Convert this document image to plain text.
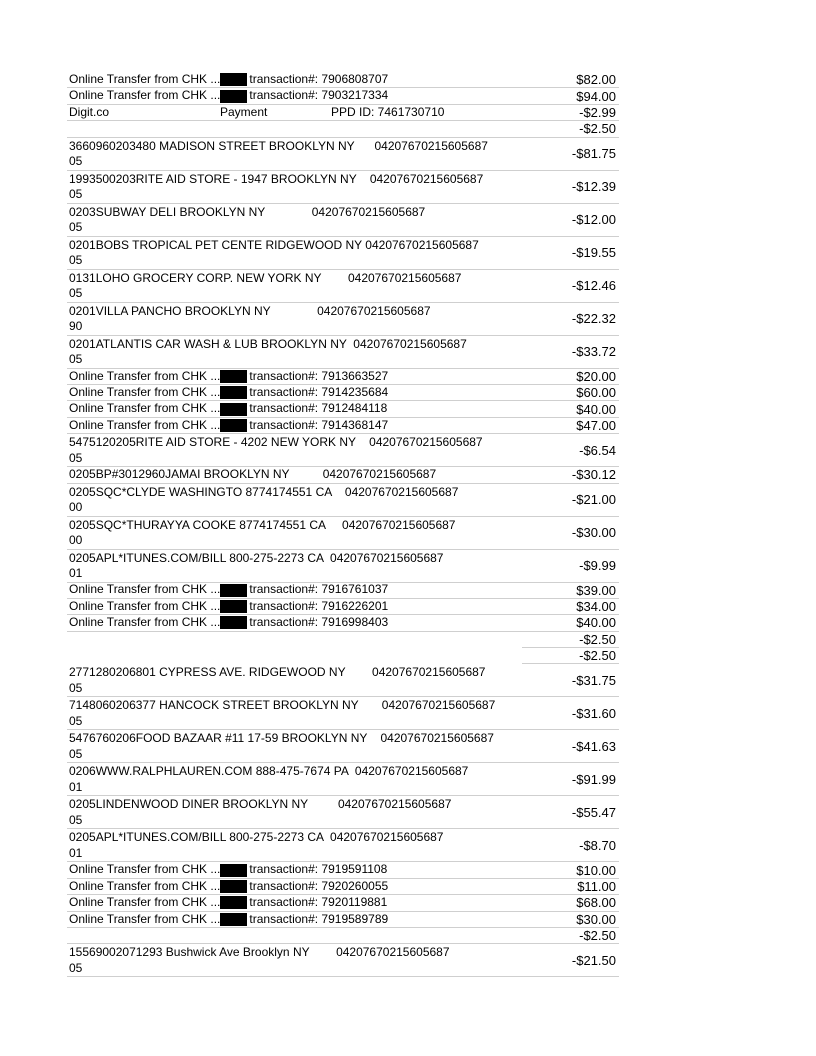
Online Transfer from CHK ... transaction#: 7906808707	$82.00
Online Transfer from CHK ... transaction#: 7903217334	$94.00
Digit.co	Payment	PPD ID: 7461730710	-$2.99
-$2.50
3660960203480 MADISON STREET BROOKLYN NY      04207670215605687
05	-$81.75
1993500203RITE AID STORE - 1947 BROOKLYN NY    04207670215605687
05	-$12.39
0203SUBWAY DELI BROOKLYN NY              04207670215605687
05	-$12.00
0201BOBS TROPICAL PET CENTE RIDGEWOOD NY 04207670215605687
05	-$19.55
0131LOHO GROCERY CORP. NEW YORK NY        04207670215605687
05	-$12.46
0201VILLA PANCHO BROOKLYN NY              04207670215605687
90	-$22.32
0201ATLANTIS CAR WASH & LUB BROOKLYN NY  04207670215605687
05	-$33.72
Online Transfer from CHK ... transaction#: 7913663527	$20.00
Online Transfer from CHK ... transaction#: 7914235684	$60.00
Online Transfer from CHK ... transaction#: 7912484118	$40.00
Online Transfer from CHK ... transaction#: 7914368147	$47.00
5475120205RITE AID STORE - 4202 NEW YORK NY    04207670215605687
05	-$6.54
0205BP#3012960JAMAI BROOKLYN NY          04207670215605687	-$30.12
0205SQC*CLYDE WASHINGTO 8774174551 CA    04207670215605687
00	-$21.00
0205SQC*THURAYYA COOKE 8774174551 CA     04207670215605687
00	-$30.00
0205APL*ITUNES.COM/BILL 800-275-2273 CA  04207670215605687
01	-$9.99
Online Transfer from CHK ... transaction#: 7916761037	$39.00
Online Transfer from CHK ... transaction#: 7916226201	$34.00
Online Transfer from CHK ... transaction#: 7916998403	$40.00
-$2.50
-$2.50
2771280206801 CYPRESS AVE. RIDGEWOOD NY        04207670215605687
05	-$31.75
7148060206377 HANCOCK STREET BROOKLYN NY       04207670215605687
05	-$31.60
5476760206FOOD BAZAAR #11 17-59 BROOKLYN NY    04207670215605687
05	-$41.63
0206WWW.RALPHLAUREN.COM 888-475-7674 PA  04207670215605687
01	-$91.99
0205LINDENWOOD DINER BROOKLYN NY         04207670215605687
05	-$55.47
0205APL*ITUNES.COM/BILL 800-275-2273 CA  04207670215605687
01	-$8.70
Online Transfer from CHK ... transaction#: 7919591108	$10.00
Online Transfer from CHK ... transaction#: 7920260055	$11.00
Online Transfer from CHK ... transaction#: 7920119881	$68.00
Online Transfer from CHK ... transaction#: 7919589789	$30.00
-$2.50
15569002071293 Bushwick Ave Brooklyn NY        04207670215605687
05	-$21.50
